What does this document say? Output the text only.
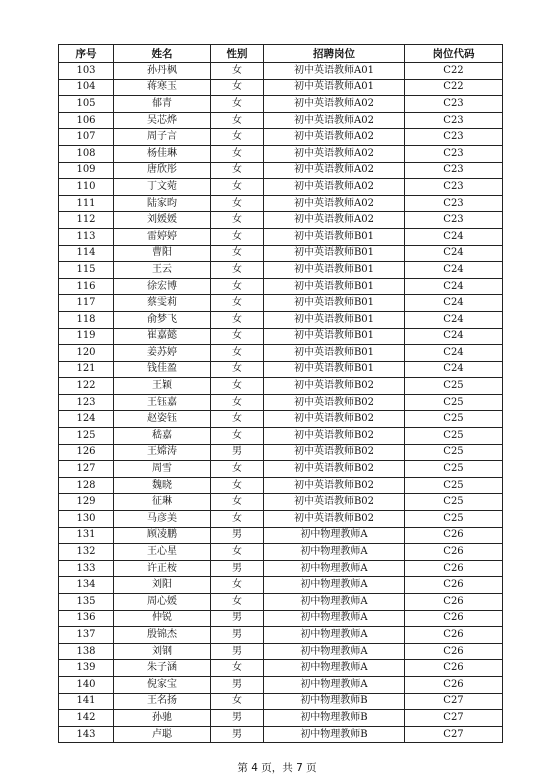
序号	姓名	性别	招聘岗位	岗位代码
103	孙丹枫	女	初中英语教师A01	C22
104	蒋寒玉	女	初中英语教师A01	C22
105	郁青	女	初中英语教师A02	C23
106	吴芯烨	女	初中英语教师A02	C23
107	周子言	女	初中英语教师A02	C23
108	杨佳琳	女	初中英语教师A02	C23
109	唐欣彤	女	初中英语教师A02	C23
110	丁文菀	女	初中英语教师A02	C23
111	陆家昀	女	初中英语教师A02	C23
112	刘媛媛	女	初中英语教师A02	C23
113	雷婷婷	女	初中英语教师B01	C24
114	曹阳	女	初中英语教师B01	C24
115	王云	女	初中英语教师B01	C24
116	徐宏博	女	初中英语教师B01	C24
117	蔡雯莉	女	初中英语教师B01	C24
118	俞梦飞	女	初中英语教师B01	C24
119	崔嘉懿	女	初中英语教师B01	C24
120	姜苏婷	女	初中英语教师B01	C24
121	钱佳盈	女	初中英语教师B01	C24
122	王颖	女	初中英语教师B02	C25
123	王钰嘉	女	初中英语教师B02	C25
124	赵姿钰	女	初中英语教师B02	C25
125	嵇嘉	女	初中英语教师B02	C25
126	王嫦涛	男	初中英语教师B02	C25
127	周雪	女	初中英语教师B02	C25
128	魏晓	女	初中英语教师B02	C25
129	征琳	女	初中英语教师B02	C25
130	马彦美	女	初中英语教师B02	C25
131	顾凌鹏	男	初中物理教师A	C26
132	王心星	女	初中物理教师A	C26
133	许正桉	男	初中物理教师A	C26
134	刘阳	女	初中物理教师A	C26
135	周心媛	女	初中物理教师A	C26
136	仲锐	男	初中物理教师A	C26
137	殷锦杰	男	初中物理教师A	C26
138	刘钢	男	初中物理教师A	C26
139	朱子涵	女	初中物理教师A	C26
140	倪家宝	男	初中物理教师A	C26
141	王名扬	女	初中物理教师B	C27
142	孙驰	男	初中物理教师B	C27
143	卢聪	男	初中物理教师B	C27
第 4 页，共 7 页
